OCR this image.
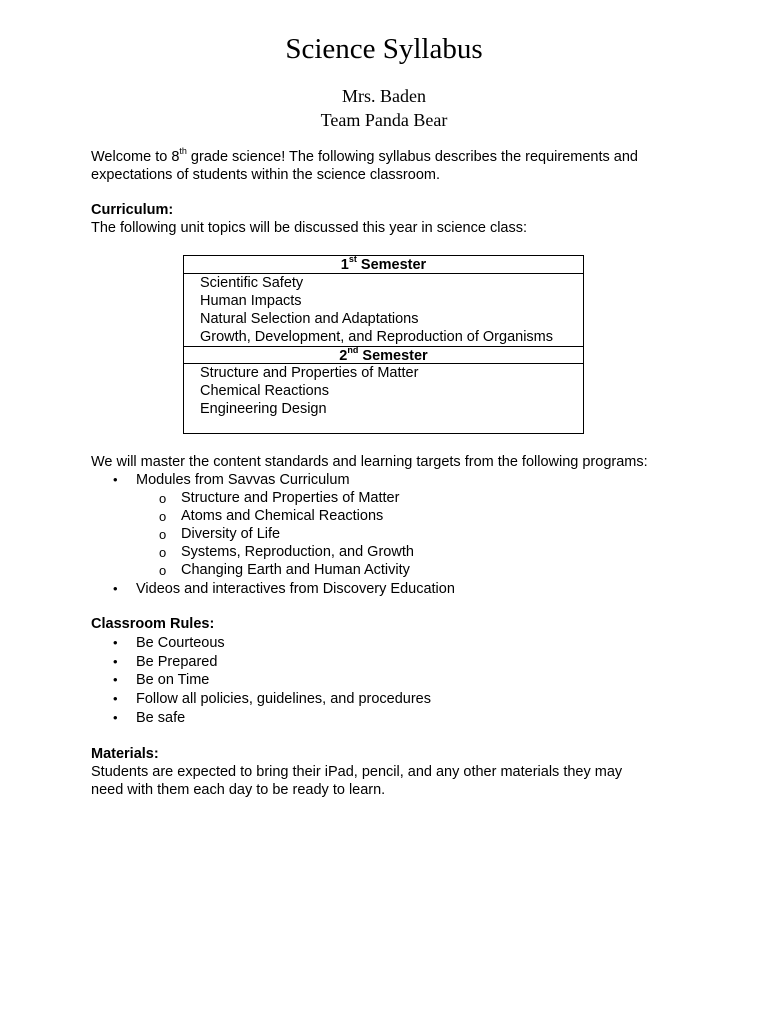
Science Syllabus
Mrs. Baden
Team Panda Bear
Welcome to 8th grade science! The following syllabus describes the requirements and
expectations of students within the science classroom.
Curriculum:
The following unit topics will be discussed this year in science class:
1st Semester
Scientific Safety
Human Impacts
Natural Selection and Adaptations
Growth, Development, and Reproduction of Organisms
2nd Semester
Structure and Properties of Matter
Chemical Reactions
Engineering Design
We will master the content standards and learning targets from the following programs:
• Modules from Savvas Curriculum
o Structure and Properties of Matter
o Atoms and Chemical Reactions
o Diversity of Life
o Systems, Reproduction, and Growth
o Changing Earth and Human Activity
• Videos and interactives from Discovery Education
Classroom Rules:
• Be Courteous
• Be Prepared
• Be on Time
• Follow all policies, guidelines, and procedures
• Be safe
Materials:
Students are expected to bring their iPad, pencil, and any other materials they may
need with them each day to be ready to learn.
